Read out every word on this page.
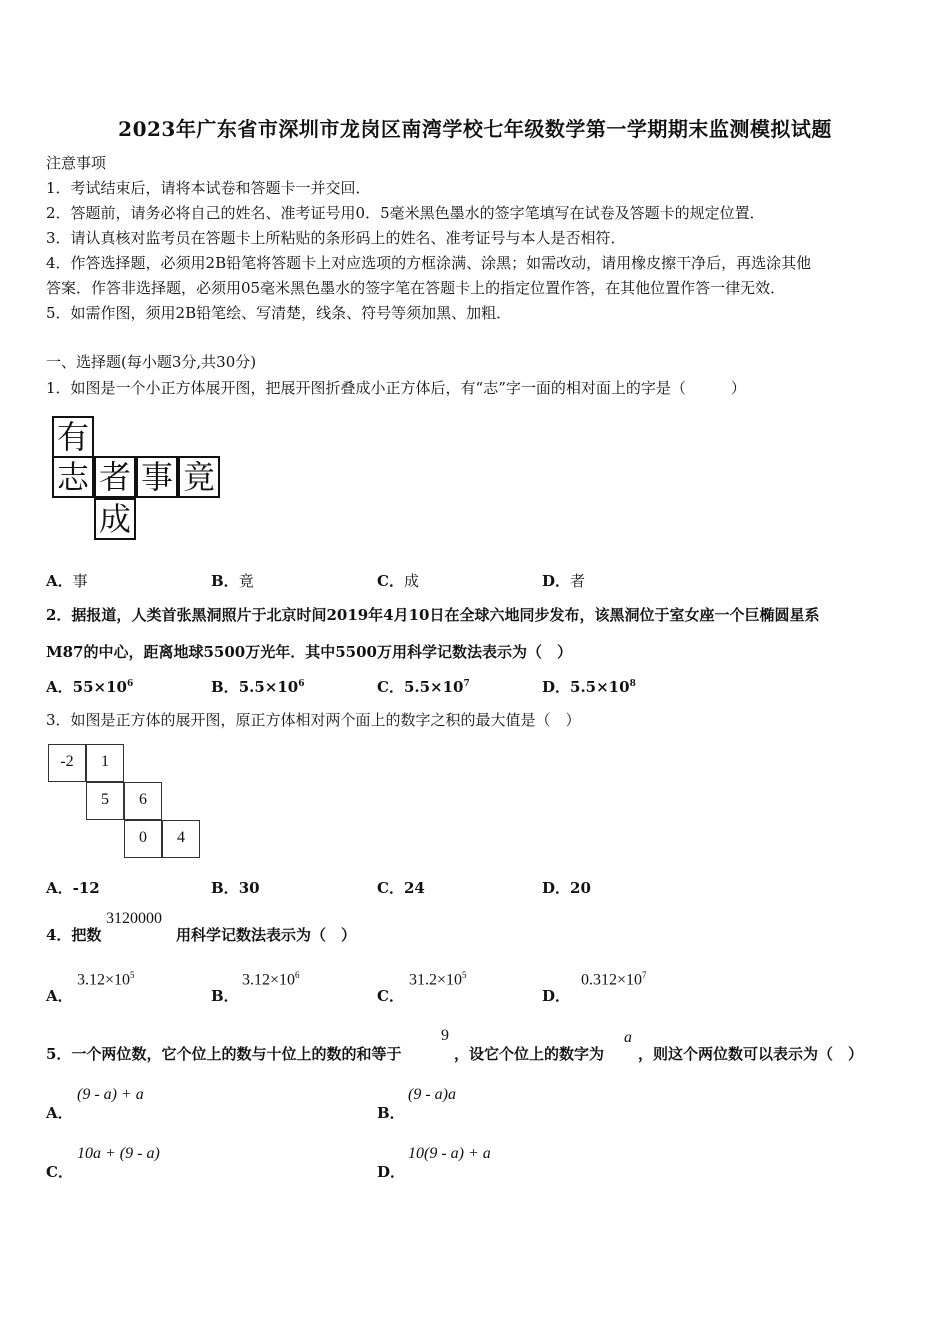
2023年广东省市深圳市龙岗区南湾学校七年级数学第一学期期末监测模拟试题
注意事项
1．考试结束后，请将本试卷和答题卡一并交回．
2．答题前，请务必将自己的姓名、准考证号用0．5毫米黑色墨水的签字笔填写在试卷及答题卡的规定位置．
3．请认真核对监考员在答题卡上所粘贴的条形码上的姓名、准考证号与本人是否相符．
4．作答选择题，必须用2B铅笔将答题卡上对应选项的方框涂满、涂黑；如需改动，请用橡皮擦干净后，再选涂其他
答案．作答非选择题，必须用05毫米黑色墨水的签字笔在答题卡上的指定位置作答，在其他位置作答一律无效．
5．如需作图，须用2B铅笔绘、写清楚，线条、符号等须加黑、加粗．
一、选择题(每小题3分,共30分)
1．如图是一个小正方体展开图，把展开图折叠成小正方体后，有“志”字一面的相对面上的字是（　　　）
有
志 者 事 竟
成
A．事	B．竟	C．成	D．者
2．据报道，人类首张黑洞照片于北京时间2019年4月10日在全球六地同步发布，该黑洞位于室女座一个巨椭圆星系
M87的中心，距离地球5500万光年．其中5500万用科学记数法表示为（　）
A．$55\times 10^6$	B．$5.5\times 10^6$	C．$5.5\times 10^7$	D．$5.5\times 10^8$
3．如图是正方体的展开图，原正方体相对两个面上的数字之积的最大值是（　）
-2	1
5	6
0	4
A．-12	B．30	C．24	D．20
4．把数
3120000
用科学记数法表示为（　）
A．
$3.12\times 10^5$
B．
$3.12\times 10^6$
C．
$31.2\times 10^5$
D．
$0.312\times 10^7$
5．一个两位数，它个位上的数与十位上的数的和等于
9
，设它个位上的数字为
a
，则这个两位数可以表示为（　）
A．
(9 - a) + a
B．
(9 - a)a
C．
10a + (9 - a)
D．
10(9 - a) + a
